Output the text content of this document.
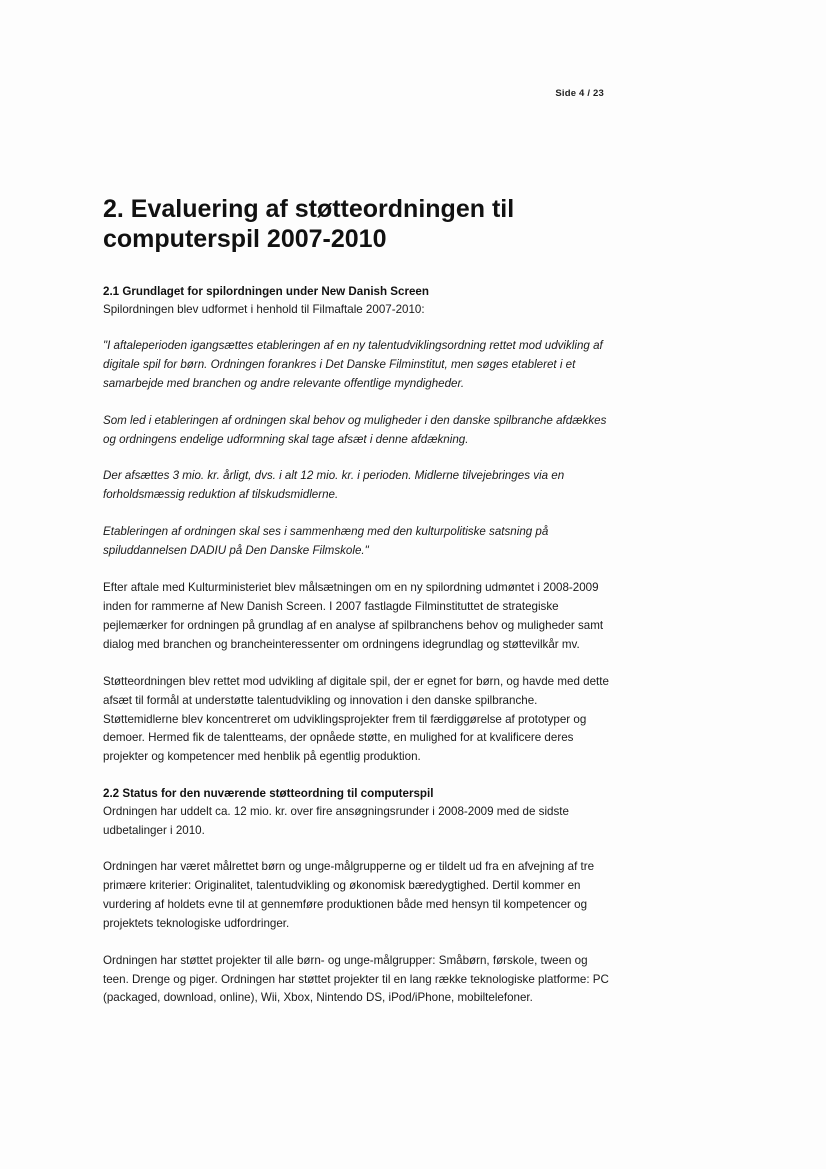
Side 4 / 23
2. Evaluering af støtteordningen til computerspil 2007-2010
2.1 Grundlaget for spilordningen under New Danish Screen

Spilordningen blev udformet i henhold til Filmaftale 2007-2010:

"I aftaleperioden igangsættes etableringen af en ny talentudviklingsordning rettet mod udvikling af digitale spil for børn. Ordningen forankres i Det Danske Filminstitut, men søges etableret i et samarbejde med branchen og andre relevante offentlige myndigheder.

Som led i etableringen af ordningen skal behov og muligheder i den danske spilbranche afdækkes og ordningens endelige udformning skal tage afsæt i denne afdækning.

Der afsættes 3 mio. kr. årligt, dvs. i alt 12 mio. kr. i perioden. Midlerne tilvejebringes via en forholdsmæssig reduktion af tilskudsmidlerne.

Etableringen af ordningen skal ses i sammenhæng med den kulturpolitiske satsning på spiluddannelsen DADIU på Den Danske Filmskole."

Efter aftale med Kulturministeriet blev målsætningen om en ny spilordning udmøntet i 2008-2009 inden for rammerne af New Danish Screen. I 2007 fastlagde Filminstituttet de strategiske pejlemærker for ordningen på grundlag af en analyse af spilbranchens behov og muligheder samt dialog med branchen og brancheinteressenter om ordningens idegrundlag og støttevilkår mv.

Støtteordningen blev rettet mod udvikling af digitale spil, der er egnet for børn, og havde med dette afsæt til formål at understøtte talentudvikling og innovation i den danske spilbranche. Støttemidlerne blev koncentreret om udviklingsprojekter frem til færdiggørelse af prototyper og demoer. Hermed fik de talentteams, der opnåede støtte, en mulighed for at kvalificere deres projekter og kompetencer med henblik på egentlig produktion.

2.2 Status for den nuværende støtteordning til computerspil

Ordningen har uddelt ca. 12 mio. kr. over fire ansøgningsrunder i 2008-2009 med de sidste udbetalinger i 2010.

Ordningen har været målrettet børn og unge-målgrupperne og er tildelt ud fra en afvejning af tre primære kriterier: Originalitet, talentudvikling og økonomisk bæredygtighed. Dertil kommer en vurdering af holdets evne til at gennemføre produktionen både med hensyn til kompetencer og projektets teknologiske udfordringer.

Ordningen har støttet projekter til alle børn- og unge-målgrupper: Småbørn, førskole, tween og teen. Drenge og piger. Ordningen har støttet projekter til en lang række teknologiske platforme: PC (packaged, download, online), Wii, Xbox, Nintendo DS, iPod/iPhone, mobiltelefoner.
